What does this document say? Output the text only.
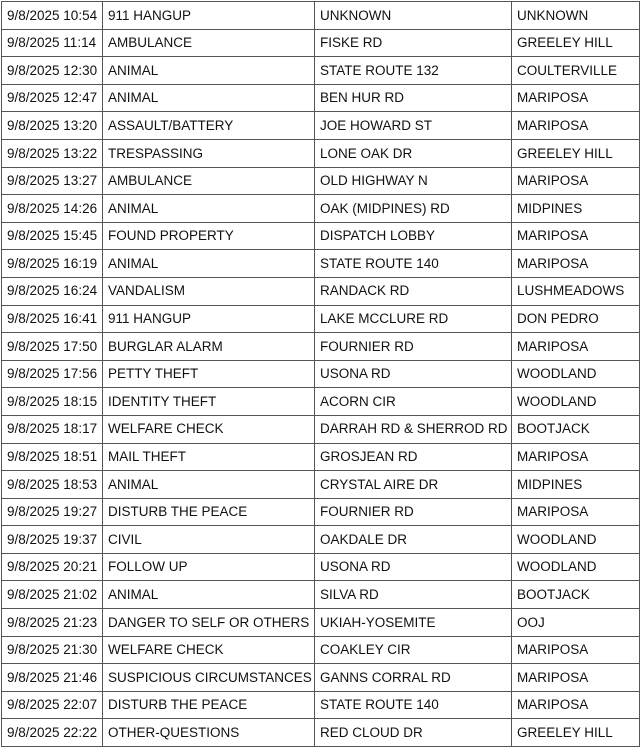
9/8/2025 10:54	911 HANGUP	UNKNOWN	UNKNOWN
9/8/2025 11:14	AMBULANCE	FISKE RD	GREELEY HILL
9/8/2025 12:30	ANIMAL	STATE ROUTE 132	COULTERVILLE
9/8/2025 12:47	ANIMAL	BEN HUR RD	MARIPOSA
9/8/2025 13:20	ASSAULT/BATTERY	JOE HOWARD ST	MARIPOSA
9/8/2025 13:22	TRESPASSING	LONE OAK DR	GREELEY HILL
9/8/2025 13:27	AMBULANCE	OLD HIGHWAY N	MARIPOSA
9/8/2025 14:26	ANIMAL	OAK (MIDPINES) RD	MIDPINES
9/8/2025 15:45	FOUND PROPERTY	DISPATCH LOBBY	MARIPOSA
9/8/2025 16:19	ANIMAL	STATE ROUTE 140	MARIPOSA
9/8/2025 16:24	VANDALISM	RANDACK RD	LUSHMEADOWS
9/8/2025 16:41	911 HANGUP	LAKE MCCLURE RD	DON PEDRO
9/8/2025 17:50	BURGLAR ALARM	FOURNIER RD	MARIPOSA
9/8/2025 17:56	PETTY THEFT	USONA RD	WOODLAND
9/8/2025 18:15	IDENTITY THEFT	ACORN CIR	WOODLAND
9/8/2025 18:17	WELFARE CHECK	DARRAH RD & SHERROD RD	BOOTJACK
9/8/2025 18:51	MAIL THEFT	GROSJEAN RD	MARIPOSA
9/8/2025 18:53	ANIMAL	CRYSTAL AIRE DR	MIDPINES
9/8/2025 19:27	DISTURB THE PEACE	FOURNIER RD	MARIPOSA
9/8/2025 19:37	CIVIL	OAKDALE DR	WOODLAND
9/8/2025 20:21	FOLLOW UP	USONA RD	WOODLAND
9/8/2025 21:02	ANIMAL	SILVA RD	BOOTJACK
9/8/2025 21:23	DANGER TO SELF OR OTHERS	UKIAH-YOSEMITE	OOJ
9/8/2025 21:30	WELFARE CHECK	COAKLEY CIR	MARIPOSA
9/8/2025 21:46	SUSPICIOUS CIRCUMSTANCES	GANNS CORRAL RD	MARIPOSA
9/8/2025 22:07	DISTURB THE PEACE	STATE ROUTE 140	MARIPOSA
9/8/2025 22:22	OTHER-QUESTIONS	RED CLOUD DR	GREELEY HILL
